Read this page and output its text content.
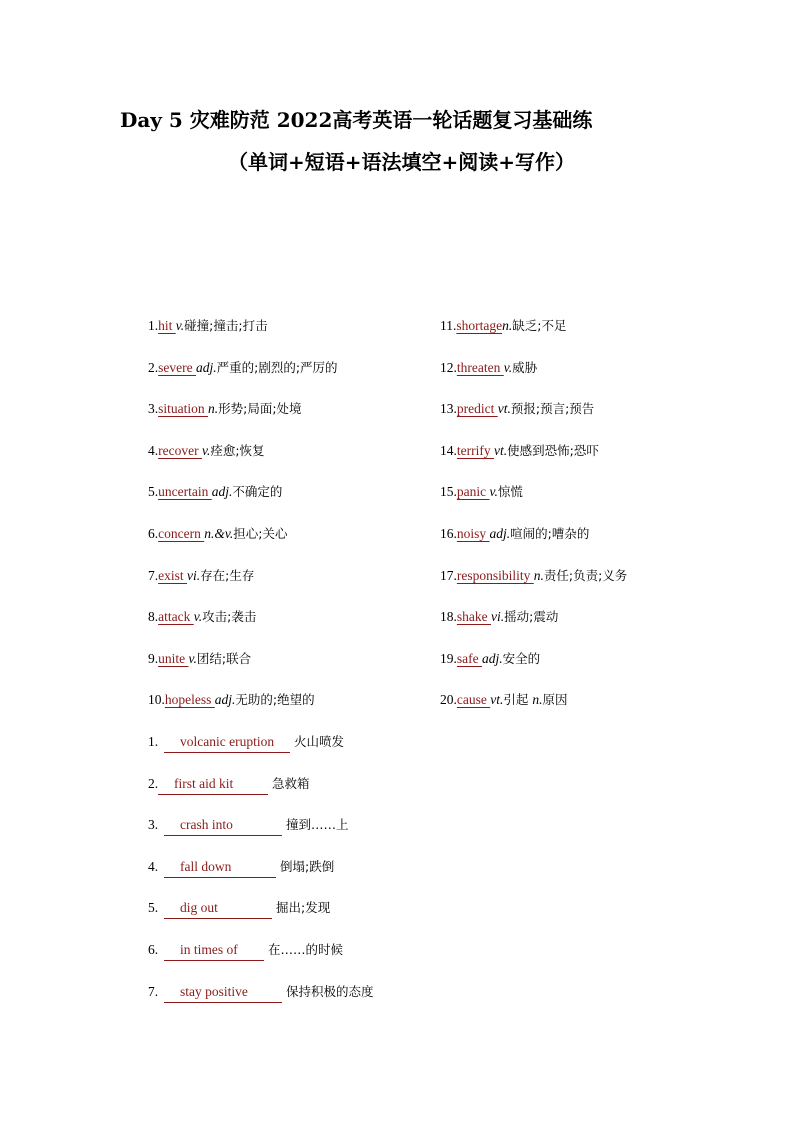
Day 5 灾难防范 2022高考英语一轮话题复习基础练
（单词+短语+语法填空+阅读+写作）
1.hit v.碰撞;撞击;打击
2.severe adj.严重的;剧烈的;严厉的
3.situation n.形势;局面;处境
4.recover v.痊愈;恢复
5.uncertain adj.不确定的
6.concern n.&v.担心;关心
7.exist vi.存在;生存
8.attack v.攻击;袭击
9.unite v.团结;联合
10.hopeless adj.无助的;绝望的
11.shortagen.缺乏;不足
12.threaten v.威胁
13.predict vt.预报;预言;预告
14.terrify vt.使感到恐怖;恐吓
15.panic v.惊慌
16.noisy adj.喧闹的;嘈杂的
17.responsibility n.责任;负责;义务
18.shake vi.摇动;震动
19.safe adj.安全的
20.cause vt.引起 n.原因
1. volcanic eruption 火山喷发
2. first aid kit	急救箱
3. crash into	撞到……上
4. fall down	倒塌;跌倒
5. dig out	掘出;发现
6. in times of 在……的时候
7. stay positive	保持积极的态度
